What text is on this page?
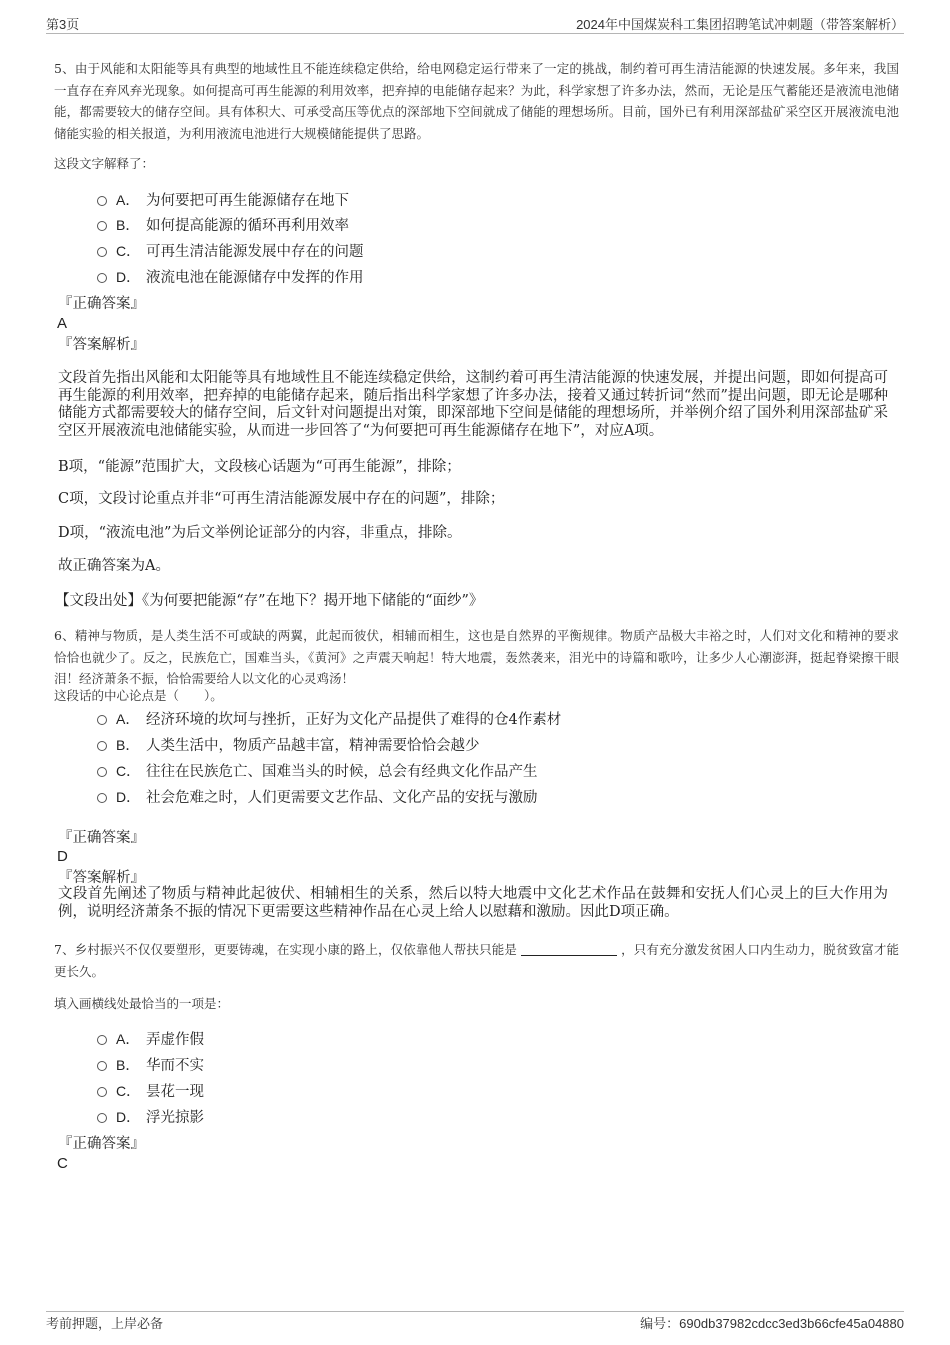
第3页	2024年中国煤炭科工集团招聘笔试冲刺题（带答案解析）

5、由于风能和太阳能等具有典型的地域性且不能连续稳定供给，给电网稳定运行带来了一定的挑战，制约着可再生清洁能源的快速发展。多年来，我国一直存在弃风弃光现象。如何提高可再生能源的利用效率，把弃掉的电能储存起来？为此，科学家想了许多办法，然而，无论是压气蓄能还是液流电池储能，都需要较大的储存空间。具有体积大、可承受高压等优点的深部地下空间就成了储能的理想场所。目前，国外已有利用深部盐矿采空区开展液流电池储能实验的相关报道，为利用液流电池进行大规模储能提供了思路。

这段文字解释了：
A． 为何要把可再生能源储存在地下
B． 如何提高能源的循环再利用效率
C． 可再生清洁能源发展中存在的问题
D． 液流电池在能源储存中发挥的作用
『正确答案』
A
『答案解析』

文段首先指出风能和太阳能等具有地域性且不能连续稳定供给，这制约着可再生清洁能源的快速发展，并提出问题，即如何提高可再生能源的利用效率，把弃掉的电能储存起来，随后指出科学家想了许多办法，接着又通过转折词“然而”提出问题，即无论是哪种储能方式都需要较大的储存空间，后文针对问题提出对策，即深部地下空间是储能的理想场所，并举例介绍了国外利用深部盐矿采空区开展液流电池储能实验，从而进一步回答了“为何要把可再生能源储存在地下”，对应A项。

B项，“能源”范围扩大，文段核心话题为“可再生能源”，排除；
C项，文段讨论重点并非“可再生清洁能源发展中存在的问题”，排除；
D项，“液流电池”为后文举例论证部分的内容，非重点，排除。
故正确答案为A。
【文段出处】《为何要把能源“存”在地下？揭开地下储能的“面纱”》

6、精神与物质，是人类生活不可或缺的两翼，此起而彼伏，相辅而相生，这也是自然界的平衡规律。物质产品极大丰裕之时，人们对文化和精神的要求恰恰也就少了。反之，民族危亡，国难当头，《黄河》之声震天响起！特大地震，轰然袭来，泪光中的诗篇和歌吟，让多少人心潮澎湃，挺起脊梁擦干眼泪！经济萧条不振，恰恰需要给人以文化的心灵鸡汤！

这段话的中心论点是（　　）。
A． 经济环境的坎坷与挫折，正好为文化产品提供了难得的仓4作素材
B． 人类生活中，物质产品越丰富，精神需要恰恰会越少
C． 往往在民族危亡、国难当头的时候，总会有经典文化作品产生
D． 社会危难之时，人们更需要文艺作品、文化产品的安抚与激励
『正确答案』
D
『答案解析』

文段首先阐述了物质与精神此起彼伏、相辅相生的关系，然后以特大地震中文化艺术作品在鼓舞和安抚人们心灵上的巨大作用为例，说明经济萧条不振的情况下更需要这些精神作品在心灵上给人以慰藉和激励。因此D项正确。

7、乡村振兴不仅仅要塑形，更要铸魂，在实现小康的路上，仅依靠他人帮扶只能是	，只有充分激发贫困人口内生动力，脱贫致富才能更长久。

填入画横线处最恰当的一项是：
A． 弄虚作假
B． 华而不实
C． 昙花一现
D． 浮光掠影
『正确答案』
C
考前押题，上岸必备	编号：690db37982cdcc3ed3b66cfe45a04880
